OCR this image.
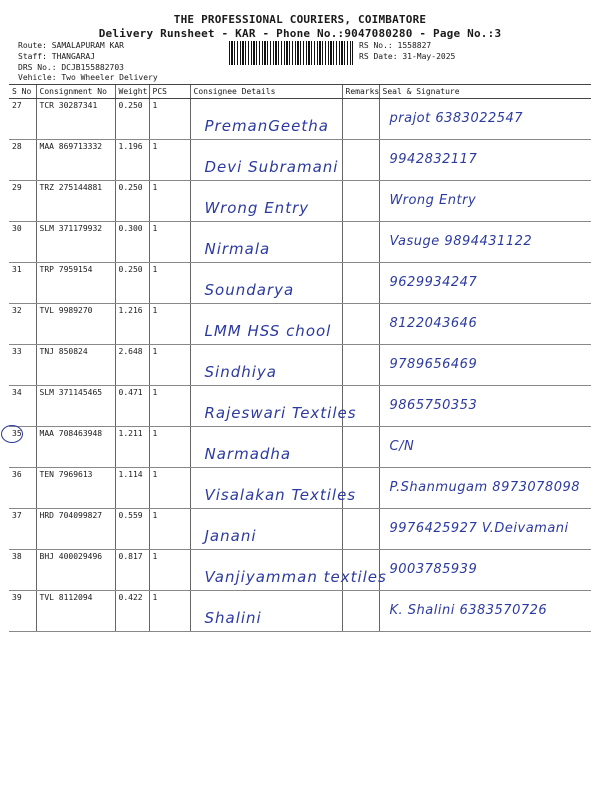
THE PROFESSIONAL COURIERS, COIMBATORE
Delivery Runsheet - KAR - Phone No.:9047080280 - Page No.:3
Route: SAMALAPURAM KAR
Staff: THANGARAJ
DRS No.: DCJB155882703
Vehicle: Two Wheeler Delivery
RS No.: 1558827
RS Date: 31-May-2025
S No	Consignment No	Weight	PCS	Consignee Details	Remarks	Seal & Signature
27	TCR 30287341	0.250	1	PremanGeetha		prajot 6383022547

28	MAA 869713332	1.196	1	Devi Subramani		9942832117

29	TRZ 275144881	0.250	1	Wrong Entry		Wrong Entry

30	SLM 371179932	0.300	1	Nirmala		Vasuge 9894431122

31	TRP 7959154	0.250	1	Soundarya		9629934247

32	TVL 9989270	1.216	1	LMM HSS chool		8122043646

33	TNJ 850824	2.648	1	Sindhiya		9789656469

34	SLM 371145465	0.471	1	Rajeswari Textiles		9865750353

35	MAA 708463948	1.211	1	Narmadha		C/N

36	TEN 7969613	1.114	1	Visalakan Textiles		P.Shanmugam 8973078098

37	HRD 704099827	0.559	1	Janani		9976425927 V.Deivamani

38	BHJ 400029496	0.817	1	Vanjiyamman textiles		9003785939

39	TVL 8112094	0.422	1	Shalini		K. Shalini 6383570726
